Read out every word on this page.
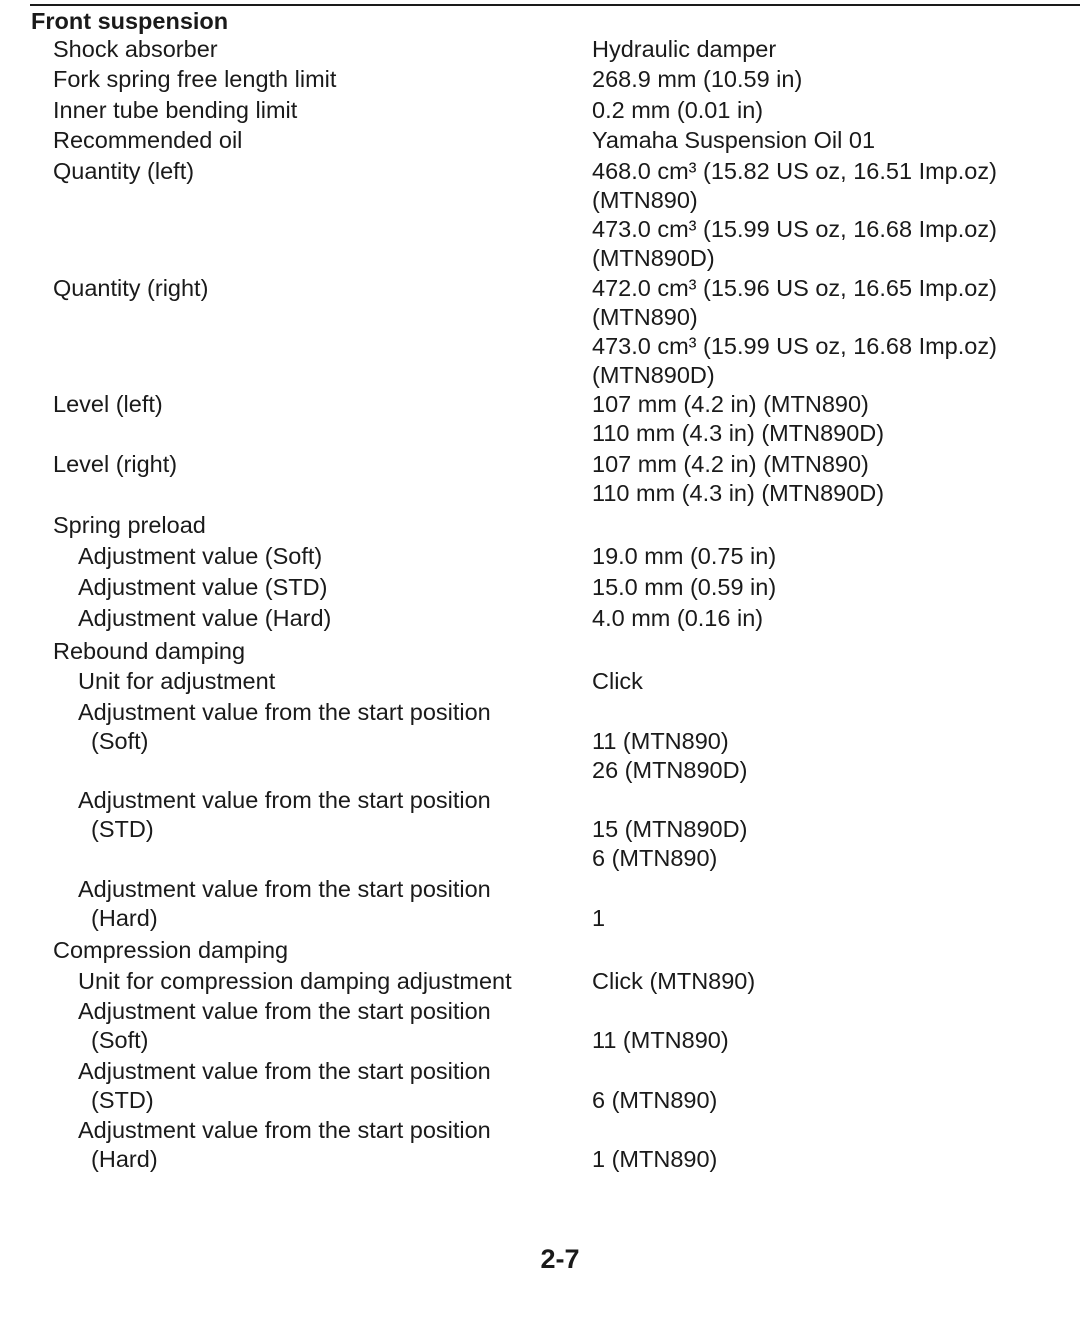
Front suspension
Shock absorber	Hydraulic damper
Fork spring free length limit	268.9 mm (10.59 in)
Inner tube bending limit	0.2 mm (0.01 in)
Recommended oil	Yamaha Suspension Oil 01
Quantity (left)	468.0 cm³ (15.82 US oz, 16.51 Imp.oz)
(MTN890)
473.0 cm³ (15.99 US oz, 16.68 Imp.oz)
(MTN890D)
Quantity (right)	472.0 cm³ (15.96 US oz, 16.65 Imp.oz)
(MTN890)
473.0 cm³ (15.99 US oz, 16.68 Imp.oz)
(MTN890D)
Level (left)	107 mm (4.2 in) (MTN890)
110 mm (4.3 in) (MTN890D)
Level (right)	107 mm (4.2 in) (MTN890)
110 mm (4.3 in) (MTN890D)
Spring preload
Adjustment value (Soft)	19.0 mm (0.75 in)
Adjustment value (STD)	15.0 mm (0.59 in)
Adjustment value (Hard)	4.0 mm (0.16 in)
Rebound damping
Unit for adjustment	Click
Adjustment value from the start position
(Soft)	11 (MTN890)
26 (MTN890D)
Adjustment value from the start position
(STD)	15 (MTN890D)
6 (MTN890)
Adjustment value from the start position
(Hard)	1
Compression damping
Unit for compression damping adjustment	Click (MTN890)
Adjustment value from the start position
(Soft)	11 (MTN890)
Adjustment value from the start position
(STD)	6 (MTN890)
Adjustment value from the start position
(Hard)	1 (MTN890)
2-7
